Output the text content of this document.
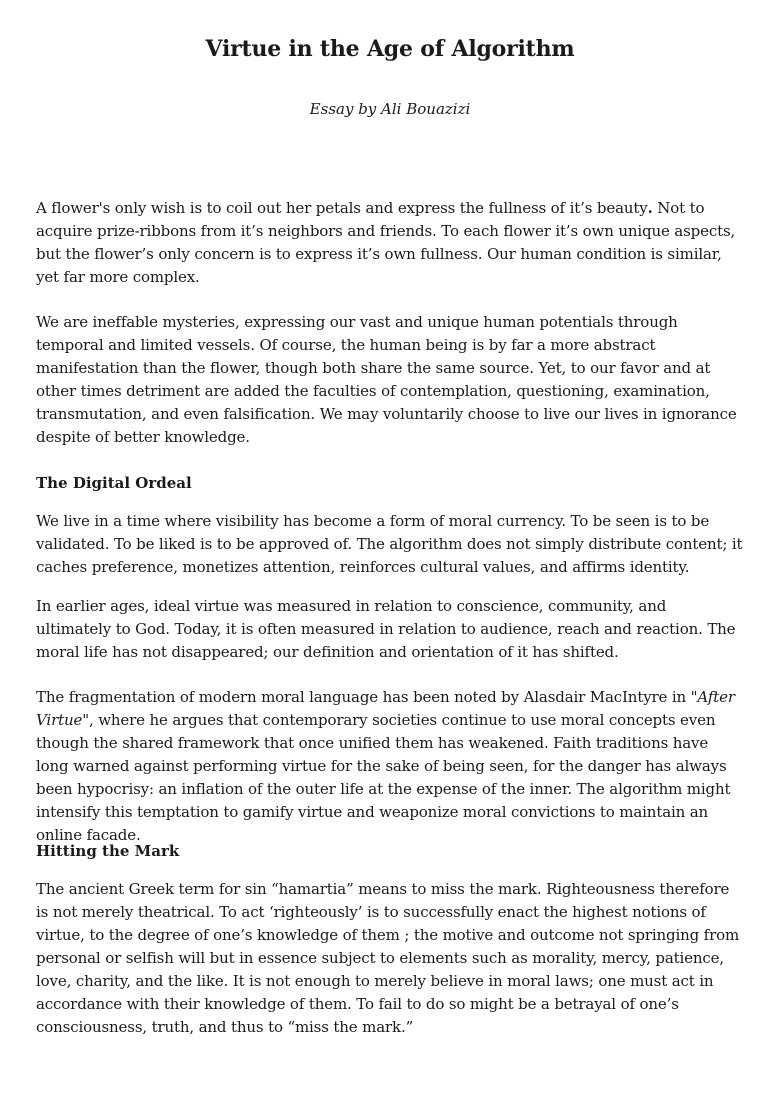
Virtue in the Age of Algorithm

Essay by Ali Bouazizi

A flower's only wish is to coil out her petals and express the fullness of it’s beauty. Not to acquire prize-ribbons from it’s neighbors and friends. To each flower it’s own unique aspects, but the flower’s only concern is to express it’s own fullness. Our human condition is similar, yet far more complex.

We are ineffable mysteries, expressing our vast and unique human potentials through temporal and limited vessels. Of course, the human being is by far a more abstract manifestation than the flower, though both share the same source. Yet, to our favor and at other times detriment are added the faculties of contemplation, questioning, examination, transmutation, and even falsification. We may voluntarily choose to live our lives in ignorance despite of better knowledge.

The Digital Ordeal

We live in a time where visibility has become a form of moral currency. To be seen is to be validated. To be liked is to be approved of. The algorithm does not simply distribute content; it caches preference, monetizes attention, reinforces cultural values, and affirms identity.

In earlier ages, ideal virtue was measured in relation to conscience, community, and ultimately to God. Today, it is often measured in relation to audience, reach and reaction. The moral life has not disappeared; our definition and orientation of it has shifted.

The fragmentation of modern moral language has been noted by Alasdair MacIntyre in "After Virtue", where he argues that contemporary societies continue to use moral concepts even though the shared framework that once unified them has weakened. Faith traditions have long warned against performing virtue for the sake of being seen, for the danger has always been hypocrisy: an inflation of the outer life at the expense of the inner. The algorithm might intensify this temptation to gamify virtue and weaponize moral convictions to maintain an online facade.

Hitting the Mark

The ancient Greek term for sin “hamartia” means to miss the mark. Righteousness therefore is not merely theatrical. To act ‘righteously’ is to successfully enact the highest notions of virtue, to the degree of one’s knowledge of them ; the motive and outcome not springing from personal or selfish will but in essence subject to elements such as morality, mercy, patience, love, charity, and the like. It is not enough to merely believe in moral laws; one must act in accordance with their knowledge of them. To fail to do so might be a betrayal of one’s consciousness, truth, and thus to “miss the mark.”
